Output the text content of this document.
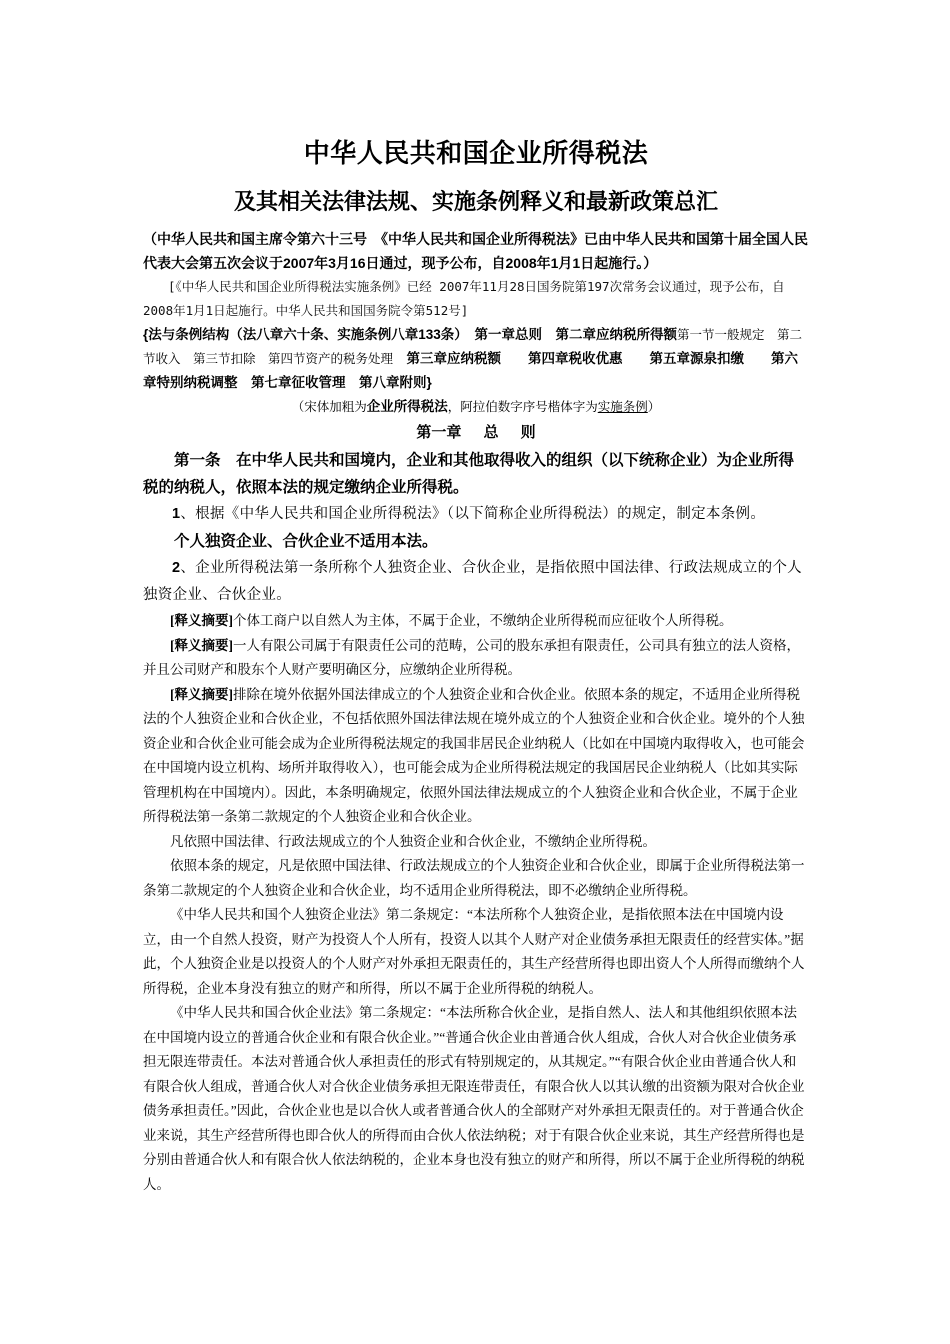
中华人民共和国企业所得税法
及其相关法律法规、实施条例释义和最新政策总汇

（中华人民共和国主席令第六十三号　《中华人民共和国企业所得税法》已由中华人民共和国第十届全国人民代表大会第五次会议于2007年3月16日通过，现予公布，自2008年1月1日起施行。）

[《中华人民共和国企业所得税法实施条例》已经 2007年11月28日国务院第197次常务会议通过，现予公布，自2008年1月1日起施行。中华人民共和国国务院令第512号]

{法与条例结构（法八章六十条、实施条例八章133条）　第一章总则　第二章应纳税所得额第一节一般规定　第二节收入　第三节扣除　第四节资产的税务处理　第三章应纳税额　　第四章税收优惠　　第五章源泉扣缴　　第六章特别纳税调整　第七章征收管理　第八章附则}

（宋体加粗为企业所得税法，阿拉伯数字序号楷体字为实施条例）

第一章 总 则

第一条　在中华人民共和国境内，企业和其他取得收入的组织（以下统称企业）为企业所得税的纳税人，依照本法的规定缴纳企业所得税。

1、根据《中华人民共和国企业所得税法》（以下简称企业所得税法）的规定，制定本条例。

个人独资企业、合伙企业不适用本法。

2、企业所得税法第一条所称个人独资企业、合伙企业，是指依照中国法律、行政法规成立的个人独资企业、合伙企业。

[释义摘要]个体工商户以自然人为主体，不属于企业，不缴纳企业所得税而应征收个人所得税。

[释义摘要]一人有限公司属于有限责任公司的范畴，公司的股东承担有限责任，公司具有独立的法人资格，并且公司财产和股东个人财产要明确区分，应缴纳企业所得税。

[释义摘要]排除在境外依据外国法律成立的个人独资企业和合伙企业。依照本条的规定，不适用企业所得税法的个人独资企业和合伙企业，不包括依照外国法律法规在境外成立的个人独资企业和合伙企业。境外的个人独资企业和合伙企业可能会成为企业所得税法规定的我国非居民企业纳税人（比如在中国境内取得收入，也可能会在中国境内设立机构、场所并取得收入），也可能会成为企业所得税法规定的我国居民企业纳税人（比如其实际管理机构在中国境内）。因此，本条明确规定，依照外国法律法规成立的个人独资企业和合伙企业，不属于企业所得税法第一条第二款规定的个人独资企业和合伙企业。

凡依照中国法律、行政法规成立的个人独资企业和合伙企业，不缴纳企业所得税。

依照本条的规定，凡是依照中国法律、行政法规成立的个人独资企业和合伙企业，即属于企业所得税法第一条第二款规定的个人独资企业和合伙企业，均不适用企业所得税法，即不必缴纳企业所得税。

《中华人民共和国个人独资企业法》第二条规定：“本法所称个人独资企业，是指依照本法在中国境内设立，由一个自然人投资，财产为投资人个人所有，投资人以其个人财产对企业债务承担无限责任的经营实体。”据此，个人独资企业是以投资人的个人财产对外承担无限责任的，其生产经营所得也即出资人个人所得而缴纳个人所得税，企业本身没有独立的财产和所得，所以不属于企业所得税的纳税人。

《中华人民共和国合伙企业法》第二条规定：“本法所称合伙企业，是指自然人、法人和其他组织依照本法在中国境内设立的普通合伙企业和有限合伙企业。”“普通合伙企业由普通合伙人组成，合伙人对合伙企业债务承担无限连带责任。本法对普通合伙人承担责任的形式有特别规定的，从其规定。”“有限合伙企业由普通合伙人和有限合伙人组成，普通合伙人对合伙企业债务承担无限连带责任，有限合伙人以其认缴的出资额为限对合伙企业债务承担责任。”因此，合伙企业也是以合伙人或者普通合伙人的全部财产对外承担无限责任的。对于普通合伙企业来说，其生产经营所得也即合伙人的所得而由合伙人依法纳税；对于有限合伙企业来说，其生产经营所得也是分别由普通合伙人和有限合伙人依法纳税的，企业本身也没有独立的财产和所得，所以不属于企业所得税的纳税人。
